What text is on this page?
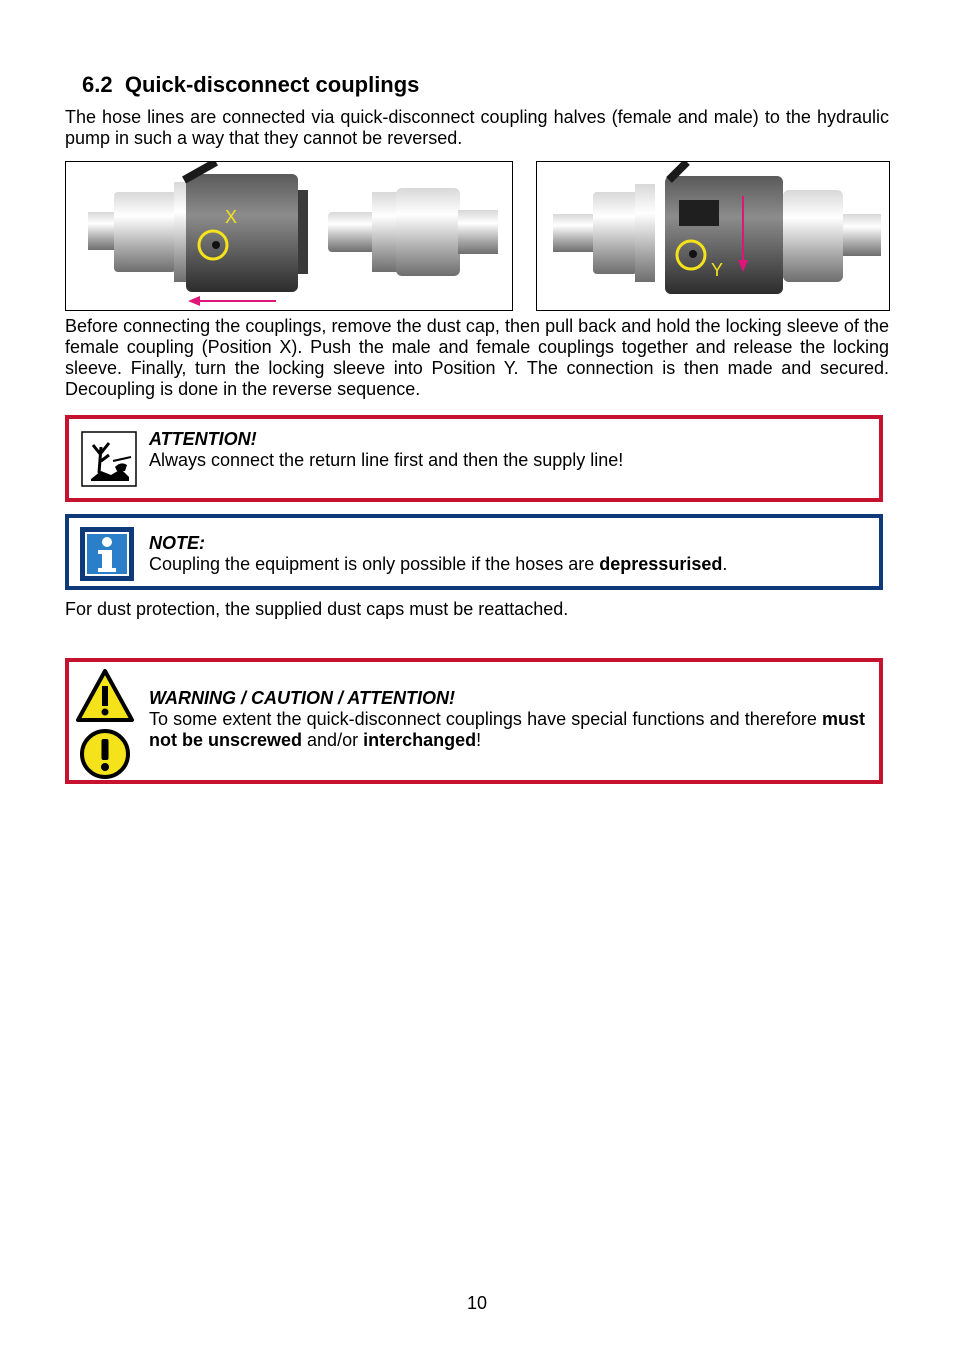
6.2 Quick-disconnect couplings

The hose lines are connected via quick-disconnect coupling halves (female and male) to the hydraulic pump in such a way that they cannot be reversed.

X
Y

Before connecting the couplings, remove the dust cap, then pull back and hold the locking sleeve of the female coupling (Position X). Push the male and female couplings together and release the locking sleeve. Finally, turn the locking sleeve into Position Y. The connection is then made and secured. Decoupling is done in the reverse sequence.

ATTENTION!
Always connect the return line first and then the supply line!
NOTE:
Coupling the equipment is only possible if the hoses are depressurised.

For dust protection, the supplied dust caps must be reattached.

WARNING / CAUTION / ATTENTION!
To some extent the quick-disconnect couplings have special functions and therefore must not be unscrewed and/or interchanged!
10
